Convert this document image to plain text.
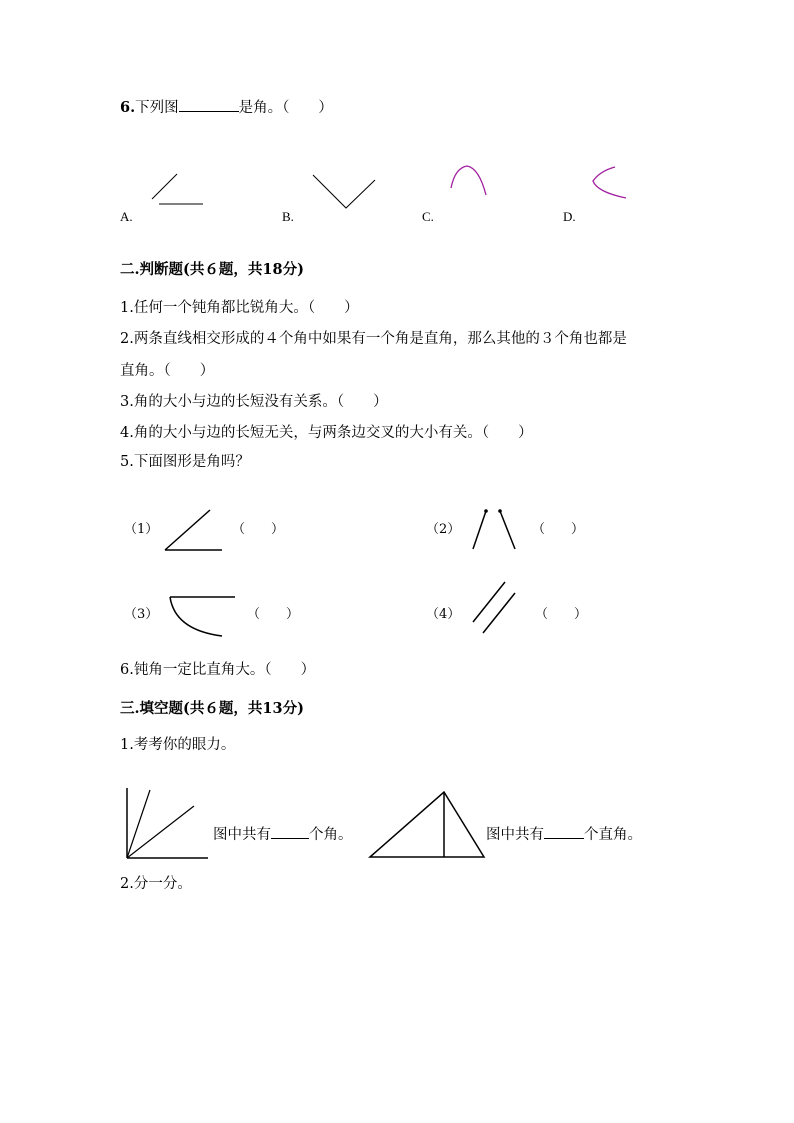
6.下列图	是角。（　　）
A.	B.	C.	D.
二.判断题(共６题，共18分)
1.任何一个钝角都比锐角大。（　　）
2.两条直线相交形成的４个角中如果有一个角是直角，那么其他的３个角也都是
直角。（　　）
3.角的大小与边的长短没有关系。（　　）
4.角的大小与边的长短无关，与两条边交叉的大小有关。（　　）
5.下面图形是角吗？
（1）	（　　）	（2）	（　　）
（3）	（　　）	（4）	（　　）
6.钝角一定比直角大。（　　）
三.填空题(共６题，共13分)
1.考考你的眼力。
图中共有	个角。	图中共有	个直角。
2.分一分。
